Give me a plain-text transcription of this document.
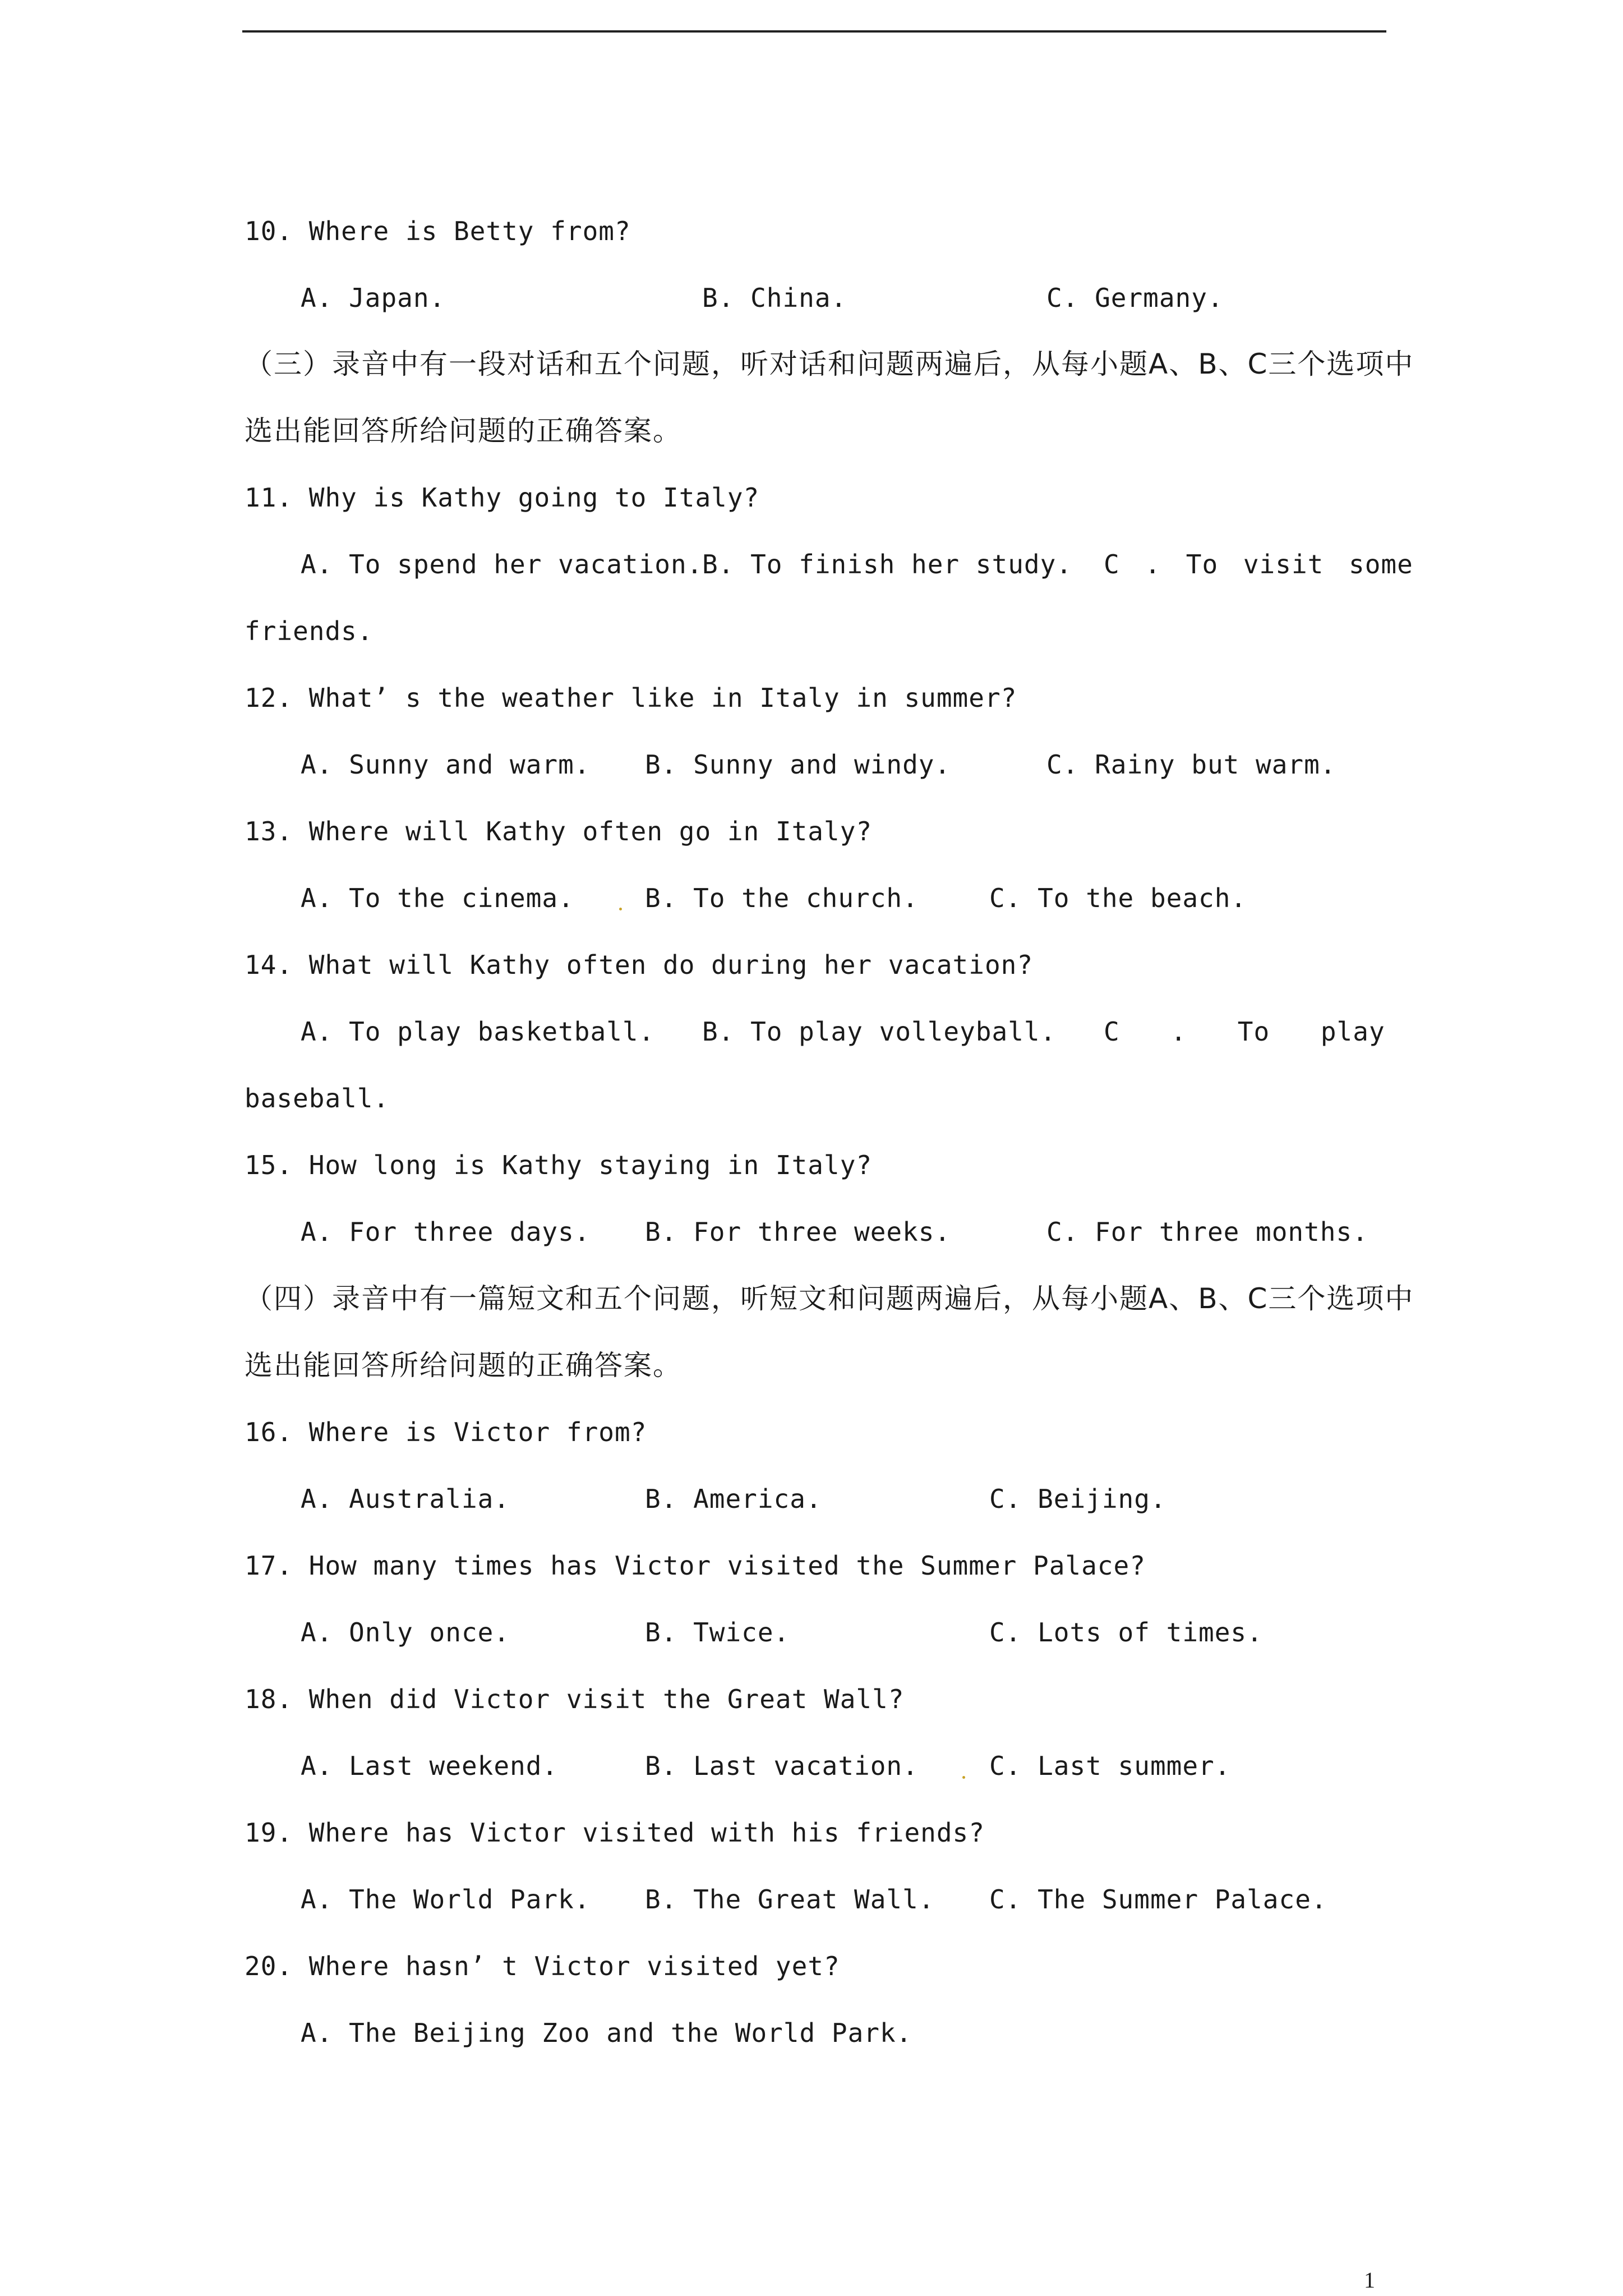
10. Where is Betty from?
A. Japan.	B. China.	C. Germany.
（三）录音中有一段对话和五个问题，听对话和问题两遍后，从每小题A、B、C三个选项中
选出能回答所给问题的正确答案。
11. Why is Kathy going to Italy?
A. To spend her vacation.
B. To finish her study. C . To visit some
friends.
12. What’ s the weather like in Italy in summer?
A. Sunny and warm. B. Sunny and windy.	C. Rainy but warm.
13. Where will Kathy often go in Italy?
A. To the cinema.	B. To the church.	C. To the beach.
14. What will Kathy often do during her vacation?
A. To play basketball. B. To play volleyball. C . To play
baseball.
15. How long is Kathy staying in Italy?
A. For three days. B. For three weeks.	C. For three months.
（四）录音中有一篇短文和五个问题，听短文和问题两遍后，从每小题A、B、C三个选项中
选出能回答所给问题的正确答案。
16. Where is Victor from?
A. Australia.	B. America.	C. Beijing.
17. How many times has Victor visited the Summer Palace?
A. Only once.	B. Twice.	C. Lots of times.
18. When did Victor visit the Great Wall?
A. Last weekend.	B. Last vacation.	C. Last summer.
19. Where has Victor visited with his friends?
A. The World Park. B. The Great Wall. C. The Summer Palace.
20. Where hasn’ t Victor visited yet?
A. The Beijing Zoo and the World Park.
1
